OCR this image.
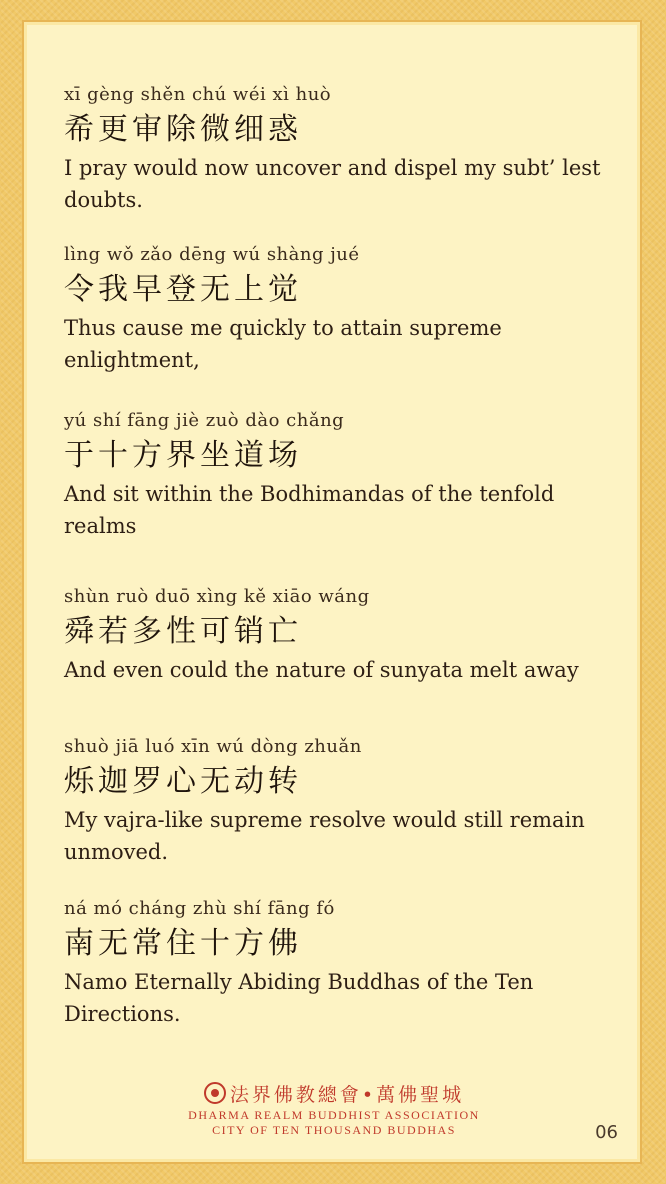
xī gèng shěn chú wéi xì huò
希更审除微细惑
I pray would now uncover and dispel my subt’ lest doubts.
lìng wǒ zǎo dēng wú shàng jué
令我早登无上觉
Thus cause me quickly to attain supreme enlightment,
yú shí fāng jiè zuò dào chǎng
于十方界坐道场
And sit within the Bodhimandas of the tenfold realms
shùn ruò duō xìng kě xiāo wáng
舜若多性可销亡
And even could the nature of sunyata melt away
shuò jiā luó xīn wú dòng zhuǎn
烁迦罗心无动转
My vajra-like supreme resolve would still remain unmoved.
ná mó cháng zhù shí fāng fó
南无常住十方佛
Namo Eternally Abiding Buddhas of the Ten Directions.
法界佛教總會•萬佛聖城
DHARMA REALM BUDDHIST ASSOCIATION
CITY OF TEN THOUSAND BUDDHAS	06
